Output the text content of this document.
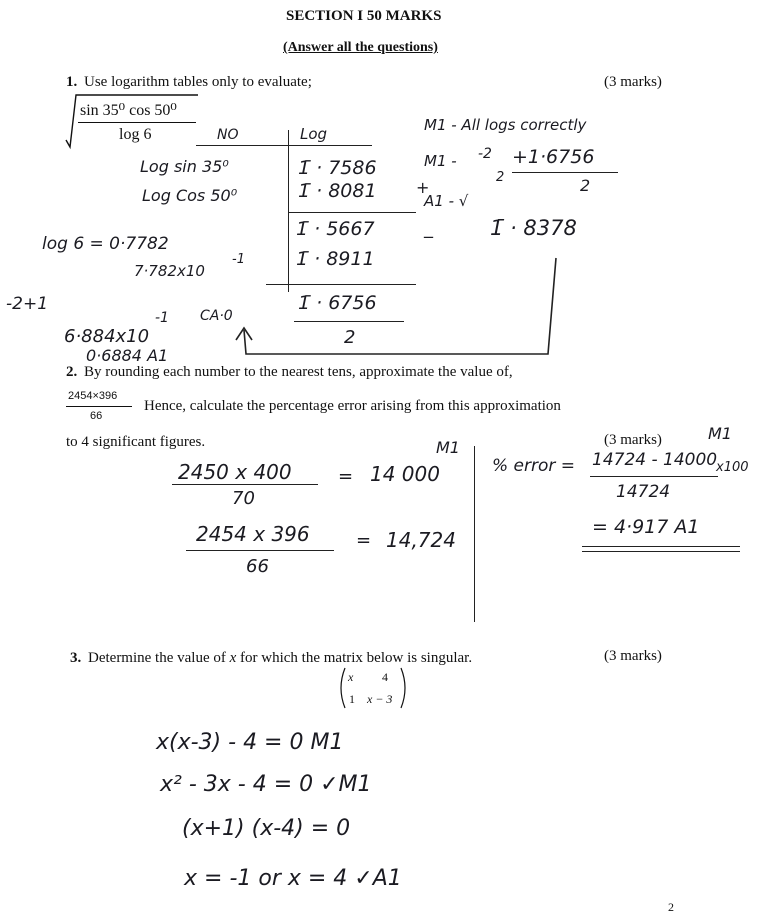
SECTION I 50 MARKS
(Answer all the questions)
1. Use logarithm tables only to evaluate;	(3 marks)
sin 35⁰ cos 50⁰
log 6	NO	Log
Log sin 35⁰	1̄ · 7586
Log Cos 50⁰	1̄ · 8081 +
1̄ · 5667	_	1̄ · 8378
1̄ · 8911
1̄ · 6756
2
log 6 = 0·7782
-1
7·782x10
-2+1
-1 CA·0
6·884x10
0·6884 A1
M1 - All logs correctly
M1 - -2
2
+1·6756
2
A1 - √
2. By rounding each number to the nearest tens, approximate the value of,
2454×396
66
Hence, calculate the percentage error arising from this approximation
to 4 significant figures.	(3 marks)
2450 x 400
70
= 14 000
M1
2454 x 396
66
= 14,724
% error = 14724 - 14000
x100
14724
M1
= 4·917 A1
3. Determine the value of x for which the matrix below is singular.	(3 marks)
x 4
1 x − 3
x(x-3) - 4 = 0 M1
x² - 3x - 4 = 0 ✓M1
(x+1) (x-4) = 0
x = -1 or x = 4 ✓A1
2
